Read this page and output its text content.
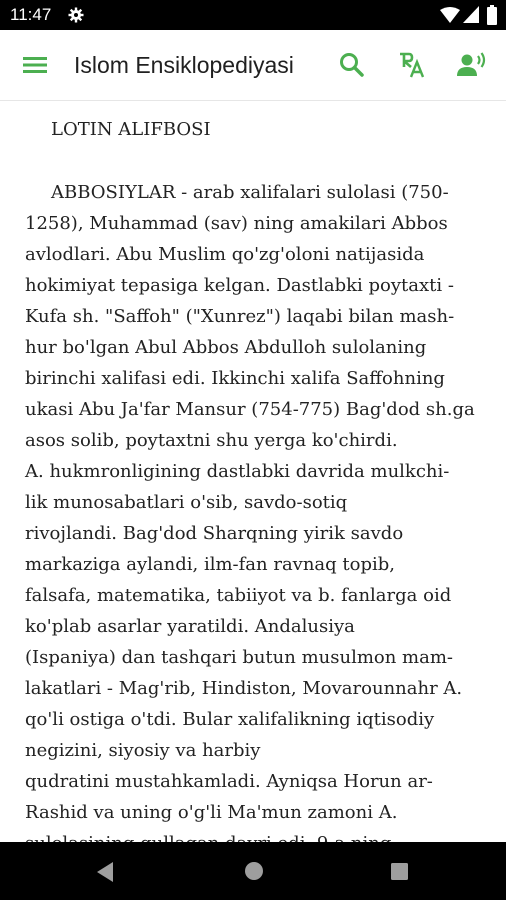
11:47
Islom Ensiklopediyasi
LOTIN ALIFBOSI
ABBOSIYLAR - arab xalifalari sulolasi (750-
1258), Muhammad (sav) ning amakilari Abbos
avlodlari. Abu Muslim qo'zg'oloni natijasida
hokimiyat tepasiga kelgan. Dastlabki poytaxti -
Kufa sh. "Saffoh" ("Xunrez") laqabi bilan mash-
hur bo'lgan Abul Abbos Abdulloh sulolaning
birinchi xalifasi edi. Ikkinchi xalifa Saffohning
ukasi Abu Ja'far Mansur (754-775) Bag'dod sh.ga
asos solib, poytaxtni shu yerga ko'chirdi.
A. hukmronligining dastlabki davrida mulkchi-
lik munosabatlari o'sib, savdo-sotiq
rivojlandi. Bag'dod Sharqning yirik savdo
markaziga aylandi, ilm-fan ravnaq topib,
falsafa, matematika, tabiiyot va b. fanlarga oid
ko'plab asarlar yaratildi. Andalusiya
(Ispaniya) dan tashqari butun musulmon mam-
lakatlari - Mag'rib, Hindiston, Movarounnahr A.
qo'li ostiga o'tdi. Bular xalifalikning iqtisodiy
negizini, siyosiy va harbiy
qudratini mustahkamladi. Ayniqsa Horun ar-
Rashid va uning o'g'li Ma'mun zamoni A.
